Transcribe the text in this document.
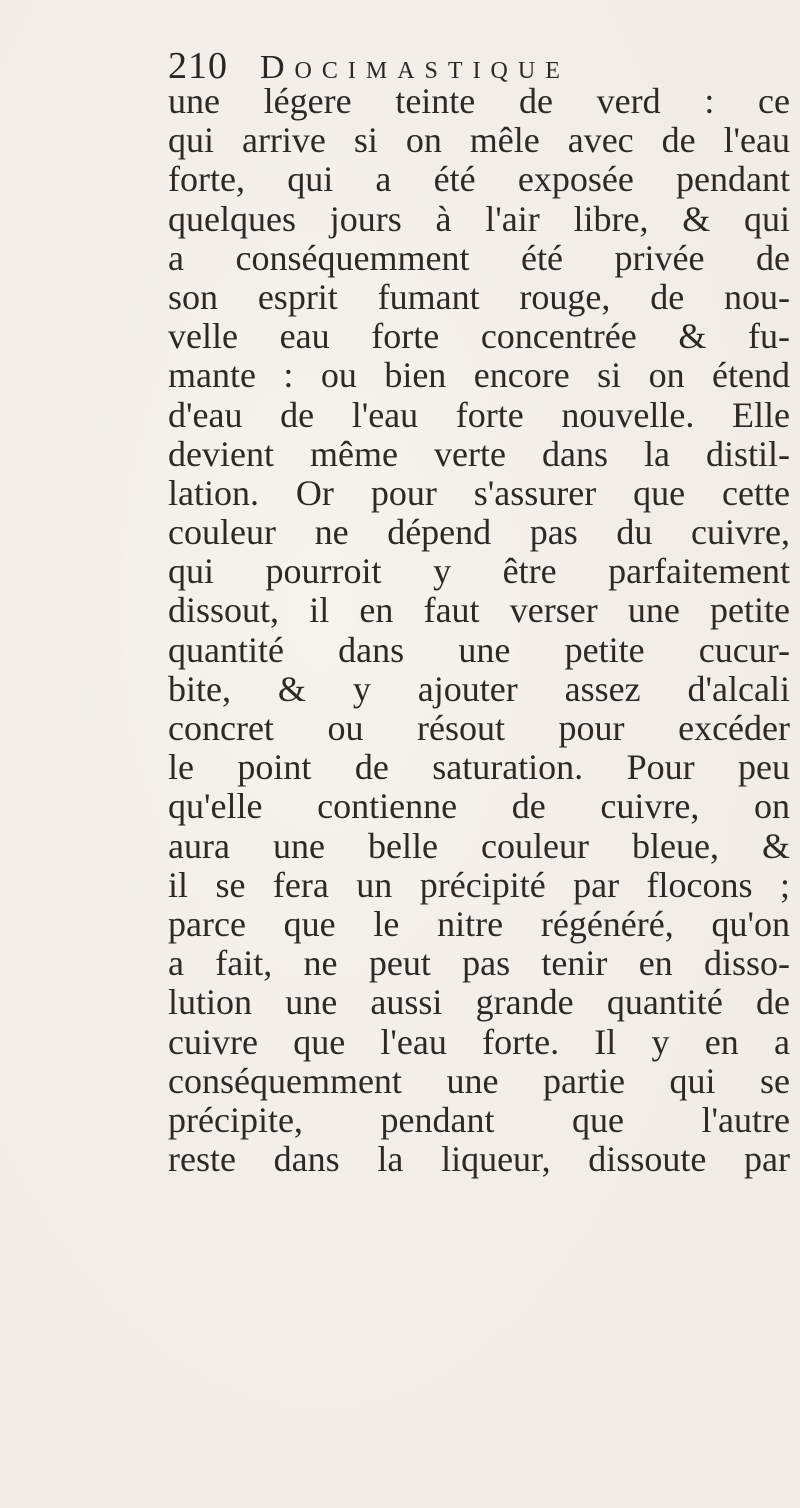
210 Docimastique
une légere teinte de verd : ce
qui arrive si on mêle avec de l'eau
forte, qui a été exposée pendant
quelques jours à l'air libre, & qui
a conséquemment été privée de
son esprit fumant rouge, de nou-
velle eau forte concentrée & fu-
mante : ou bien encore si on étend
d'eau de l'eau forte nouvelle. Elle
devient même verte dans la distil-
lation. Or pour s'assurer que cette
couleur ne dépend pas du cuivre,
qui pourroit y être parfaitement
dissout, il en faut verser une petite
quantité dans une petite cucur-
bite, & y ajouter assez d'alcali
concret ou résout pour excéder
le point de saturation. Pour peu
qu'elle contienne de cuivre, on
aura une belle couleur bleue, &
il se fera un précipité par flocons ;
parce que le nitre régénéré, qu'on
a fait, ne peut pas tenir en disso-
lution une aussi grande quantité de
cuivre que l'eau forte. Il y en a
conséquemment une partie qui se
précipite, pendant que l'autre
reste dans la liqueur, dissoute par
